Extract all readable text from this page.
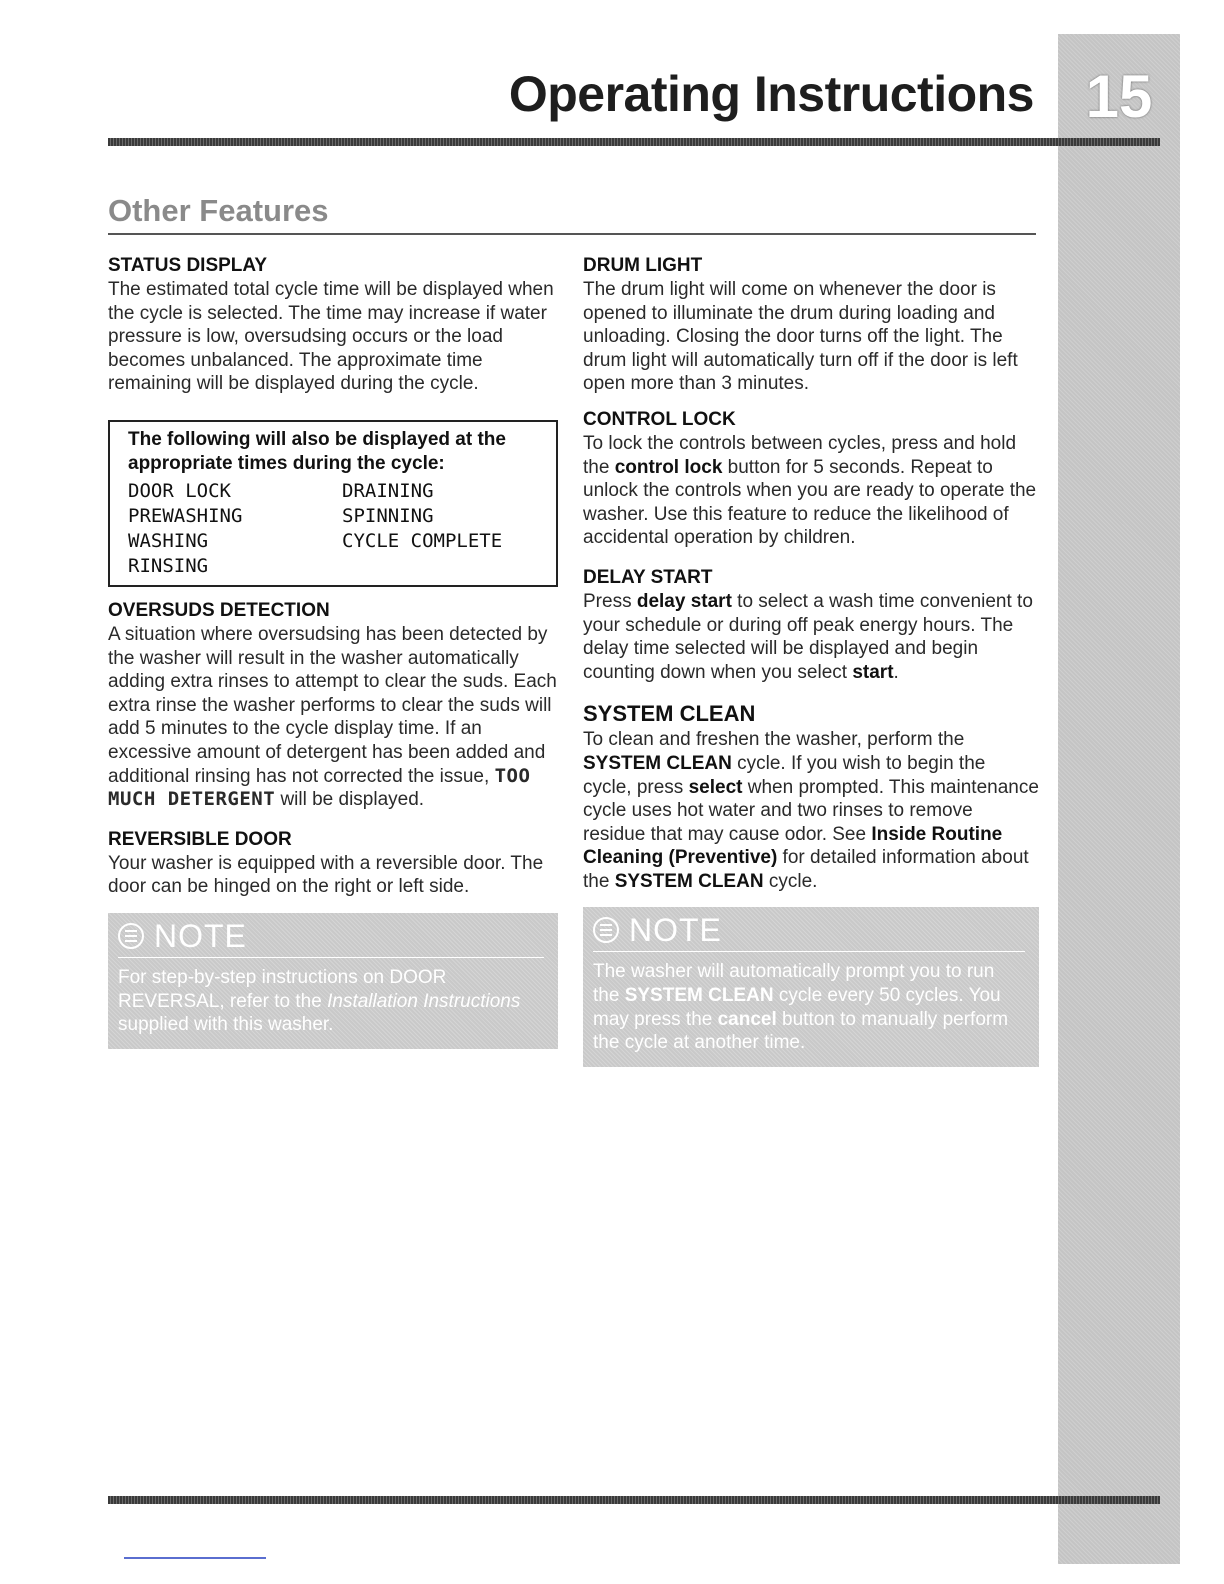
15
Operating Instructions
Other Features
STATUS DISPLAY

The estimated total cycle time will be displayed when the cycle is selected. The time may increase if water pressure is low, oversudsing occurs or the load becomes unbalanced. The approximate time remaining will be displayed during the cycle.

The following will also be displayed at the appropriate times during the cycle:

DOOR LOCK	DRAINING
PREWASHING	SPINNING
WASHING	CYCLE COMPLETE
RINSING
OVERSUDS DETECTION

A situation where oversudsing has been detected by the washer will result in the washer automatically adding extra rinses to attempt to clear the suds. Each extra rinse the washer performs to clear the suds will add 5 minutes to the cycle display time. If an excessive amount of detergent has been added and additional rinsing has not corrected the issue, TOO MUCH DETERGENT will be displayed.

REVERSIBLE DOOR

Your washer is equipped with a reversible door. The door can be hinged on the right or left side.

NOTE

For step-by-step instructions on DOOR REVERSAL, refer to the Installation Instructions supplied with this washer.

DRUM LIGHT

The drum light will come on whenever the door is opened to illuminate the drum during loading and unloading. Closing the door turns off the light. The drum light will automatically turn off if the door is left open more than 3 minutes.

CONTROL LOCK

To lock the controls between cycles, press and hold the control lock button for 5 seconds. Repeat to unlock the controls when you are ready to operate the washer. Use this feature to reduce the likelihood of accidental operation by children.

DELAY START

Press delay start to select a wash time convenient to your schedule or during off peak energy hours. The delay time selected will be displayed and begin counting down when you select start.

SYSTEM CLEAN

To clean and freshen the washer, perform the SYSTEM CLEAN cycle. If you wish to begin the cycle, press select when prompted. This maintenance cycle uses hot water and two rinses to remove residue that may cause odor. See Inside Routine Cleaning (Preventive) for detailed information about the SYSTEM CLEAN cycle.

NOTE

The washer will automatically prompt you to run the SYSTEM CLEAN cycle every 50 cycles. You may press the cancel button to manually perform the cycle at another time.
